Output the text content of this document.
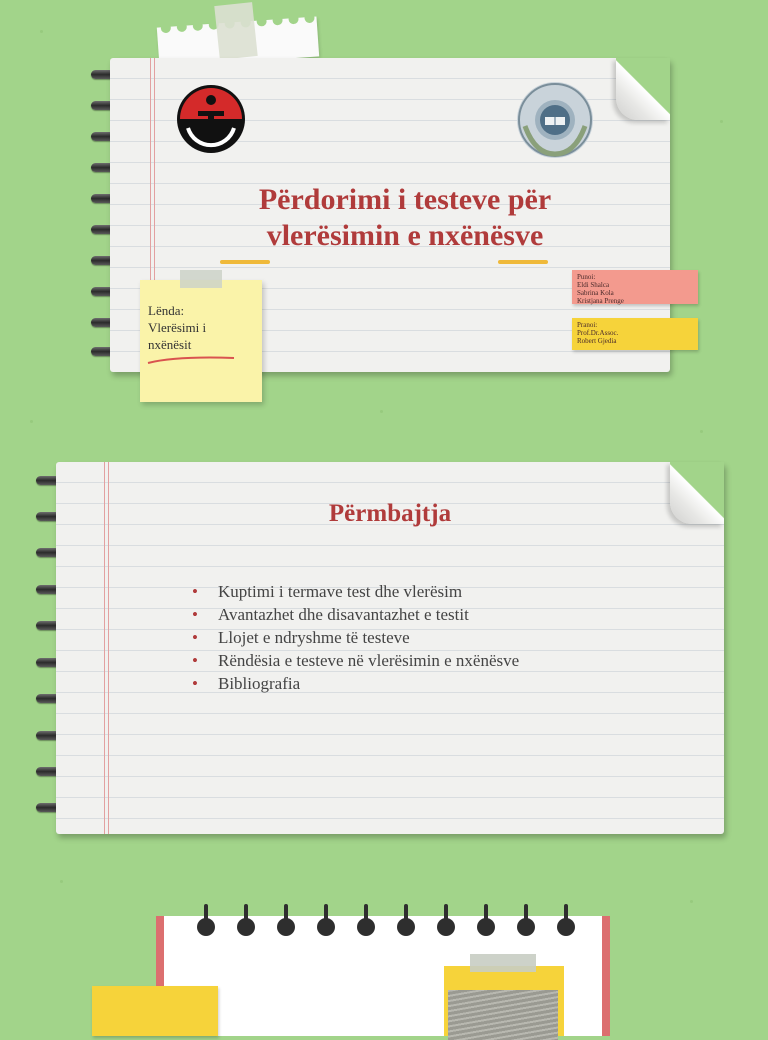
Përdorimi i testeve për
vlerësimin e nxënësve
Punoi:
Eldi Shalca
Sabrina Kola
Kristjana Prenge
Pranoi:
Prof.Dr.Assoc.
Robert Gjedia
Lënda:
Vlerësimi i
nxënësit
Përmbajtja
• Kuptimi i termave test dhe vlerësim
• Avantazhet dhe disavantazhet e testit
• Llojet e ndryshme të testeve
• Rëndësia e testeve në vlerësimin e nxënësve
• Bibliografia
